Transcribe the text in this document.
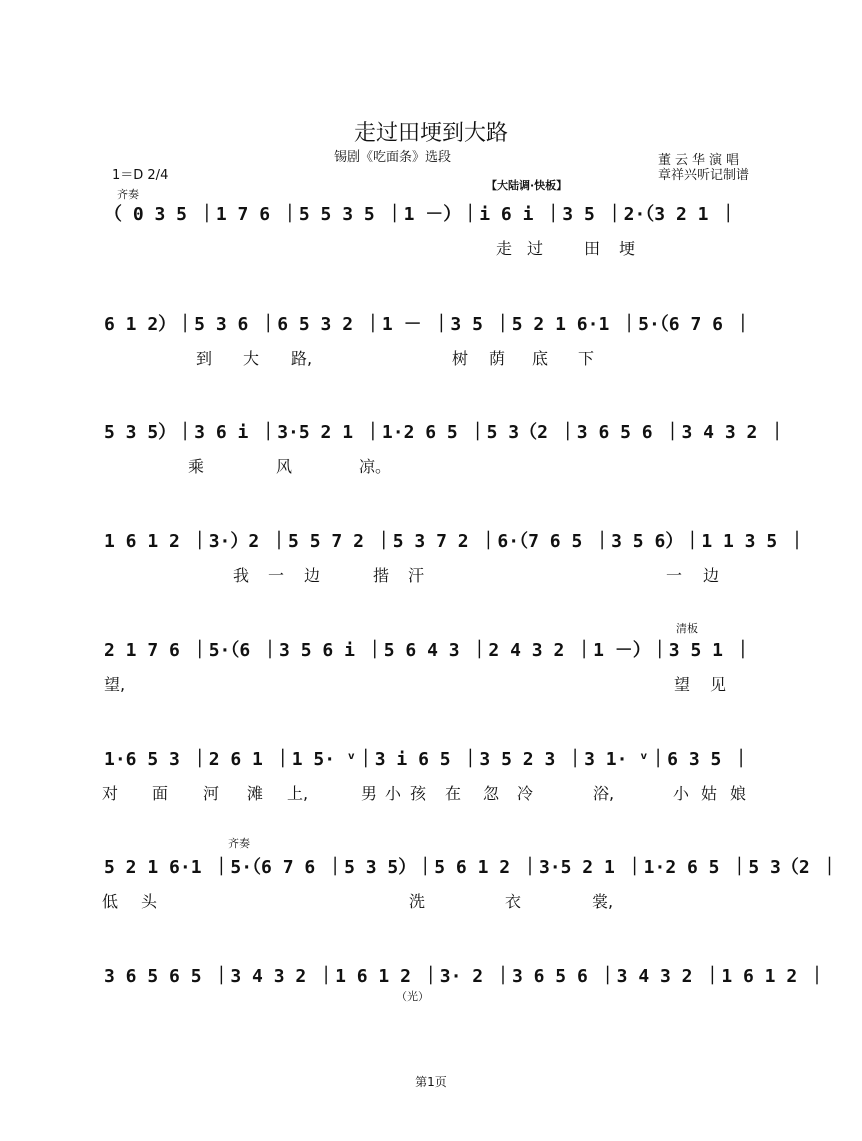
走过田埂到大路
锡剧《吃面条》选段
1＝D 2/4
董云华演唱
章祥兴听记制谱
（ 0 3 5 ｜1 7 6 ｜5 5 3 5 ｜1 －）｜i 6 i ｜3 5 ｜2·（3 2 1 ｜
走 过	田 埂
齐奏
【大陆调·快板】
6 1 2）｜5 3 6 ｜6 5 3 2 ｜1 － ｜3 5 ｜5 2 1 6·1 ｜5·（6 7 6 ｜
到 大 路,	树 荫 底 下
5 3 5）｜3 6 i ｜3·5 2 1 ｜1·2 6 5 ｜5 3（2 ｜3 6 5 6 ｜3 4 3 2 ｜
乘	风	凉。
1 6 1 2 ｜3·）2 ｜5 5 7 2 ｜5 3 7 2 ｜6·（7 6 5 ｜3 5 6）｜1 1 3 5 ｜
我 一 边	揩 汗	一 边
2 1 7 6 ｜5·（6 ｜3 5 6 i ｜5 6 4 3 ｜2 4 3 2 ｜1 －）｜3 5 1 ｜
望,	望 见
清板
1·6 5 3 ｜2 6 1 ｜1 5· ᵛ｜3 i 6 5 ｜3 5 2 3 ｜3 1· ᵛ｜6 3 5 ｜
对 面 河 滩 上,	男 小 孩 在 忽 冷	浴,	小 姑 娘
5 2 1 6·1 ｜5·（6 7 6 ｜5 3 5）｜5 6 1 2 ｜3·5 2 1 ｜1·2 6 5 ｜5 3（2 ｜
低 头	洗	衣	裳,
齐奏
3 6 5 6 5 ｜3 4 3 2 ｜1 6 1 2 ｜3· 2 ｜3 6 5 6 ｜3 4 3 2 ｜1 6 1 2 ｜
（光）
第1页
